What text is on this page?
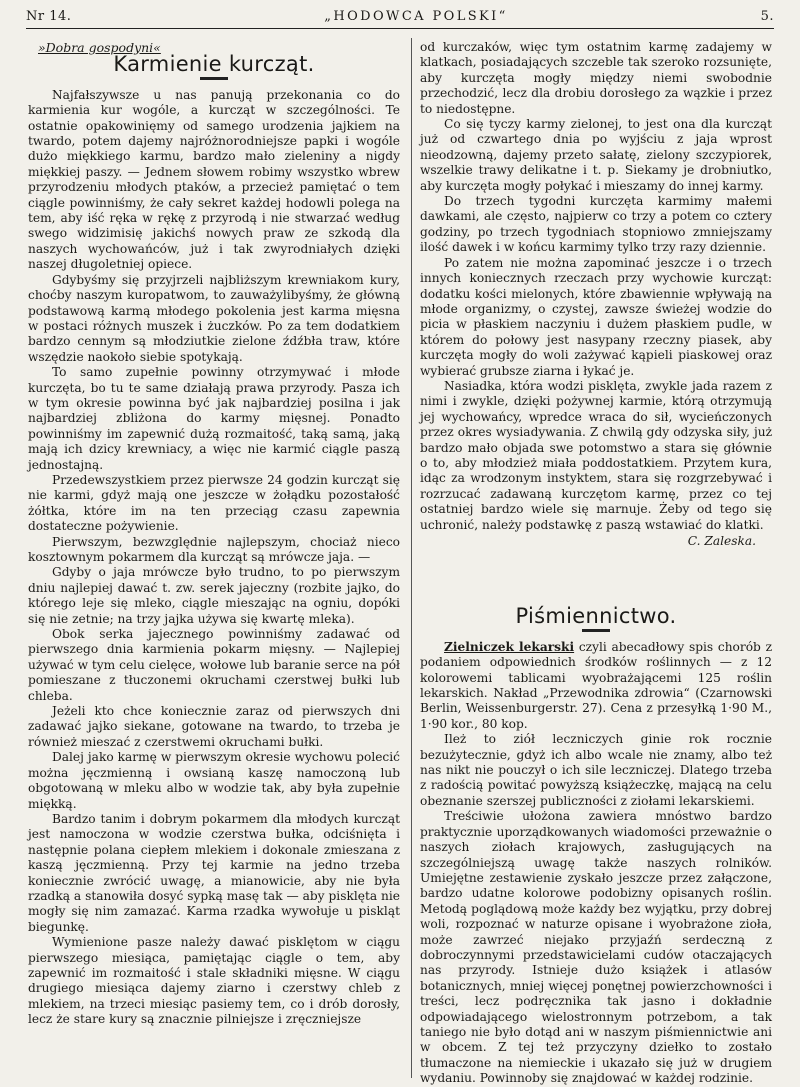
Nr 14.	„HODOWCA POLSKI“	5.
»Dobra gospodyni«
Karmienie kurcząt.

Najfałszywsze u nas panują przekonania co do karmienia kur wogóle, a kurcząt w szczególności. Te ostatnie opakowinięmy od samego urodzenia jajkiem na twardo, potem dajemy najróżnorodniejsze papki i wogóle dużo miękkiego karmu, bardzo mało zieleniny a nigdy miękkiej paszy. — Jednem słowem robimy wszystko wbrew przyrodzeniu młodych ptaków, a przecież pamiętać o tem ciągle powinniśmy, że cały sekret każdej hodowli polega na tem, aby iść ręka w rękę z przyrodą i nie stwarzać według swego widzimisię jakichś nowych praw ze szkodą dla naszych wychowańców, już i tak zwyrodniałych dzięki naszej długoletniej opiece.

Gdybyśmy się przyjrzeli najbliższym krewniakom kury, choćby naszym kuropatwom, to zauważylibyśmy, że główną podstawową karmą młodego pokolenia jest karma mięsna w postaci różnych muszek i żuczków. Po za tem dodatkiem bardzo cennym są młodziutkie zielone źdźbła traw, które wszędzie naokoło siebie spotykają.

To samo zupełnie powinny otrzymywać i młode kurczęta, bo tu te same działają prawa przyrody. Pasza ich w tym okresie powinna być jak najbardziej posilna i jak najbardziej zbliżona do karmy mięsnej. Ponadto powinniśmy im zapewnić dużą rozmaitość, taką samą, jaką mają ich dzicy krewniacy, a więc nie karmić ciągle paszą jednostajną.

Przedewszystkiem przez pierwsze 24 godzin kurcząt się nie karmi, gdyż mają one jeszcze w żołądku pozostałość żółtka, które im na ten przeciąg czasu zapewnia dostateczne pożywienie.

Pierwszym, bezwzględnie najlepszym, chociaż nieco kosztownym pokarmem dla kurcząt są mrówcze jaja. —

Gdyby o jaja mrówcze było trudno, to po pierwszym dniu najlepiej dawać t. zw. serek jajeczny (rozbite jajko, do którego leje się mleko, ciągle mieszając na ogniu, dopóki się nie zetnie; na trzy jajka używa się kwartę mleka).

Obok serka jajecznego powinniśmy zadawać od pierwszego dnia karmienia pokarm mięsny. — Najlepiej używać w tym celu cielęce, wołowe lub baranie serce na pół pomieszane z tłuczonemi okruchami czerstwej bułki lub chleba.

Jeżeli kto chce koniecznie zaraz od pierwszych dni zadawać jajko siekane, gotowane na twardo, to trzeba je również mieszać z czerstwemi okruchami bułki.

Dalej jako karmę w pierwszym okresie wychowu polecić można jęczmienną i owsianą kaszę namoczoną lub obgotowaną w mleku albo w wodzie tak, aby była zupełnie miękką.

Bardzo tanim i dobrym pokarmem dla młodych kurcząt jest namoczona w wodzie czerstwa bułka, odciśnięta i następnie polana ciepłem mlekiem i dokonale zmieszana z kaszą jęczmienną. Przy tej karmie na jedno trzeba koniecznie zwrócić uwagę, a mianowicie, aby nie była rzadką a stanowiła dosyć sypką masę tak — aby pisklęta nie mogły się nim zamazać. Karma rzadka wywołuje u piskląt biegunkę.

Wymienione pasze należy dawać pisklętom w ciągu pierwszego miesiąca, pamiętając ciągle o tem, aby zapewnić im rozmaitość i stale składniki mięsne. W ciągu drugiego miesiąca dajemy ziarno i czerstwy chleb z mlekiem, na trzeci miesiąc pasiemy tem, co i drób dorosły, lecz że stare kury są znacznie pilniejsze i zręczniejsze

od kurczaków, więc tym ostatnim karmę zadajemy w klatkach, posiadających szczeble tak szeroko rozsunięte, aby kurczęta mogły między niemi swobodnie przechodzić, lecz dla drobiu dorosłego za wązkie i przez to niedostępne.

Co się tyczy karmy zielonej, to jest ona dla kurcząt już od czwartego dnia po wyjściu z jaja wprost nieodzowną, dajemy przeto sałatę, zielony szczypiorek, wszelkie trawy delikatne i t. p. Siekamy je drobniutko, aby kurczęta mogły połykać i mieszamy do innej karmy.

Do trzech tygodni kurczęta karmimy małemi dawkami, ale często, najpierw co trzy a potem co cztery godziny, po trzech tygodniach stopniowo zmniejszamy ilość dawek i w końcu karmimy tylko trzy razy dziennie.

Po zatem nie można zapominać jeszcze i o trzech innych koniecznych rzeczach przy wychowie kurcząt: dodatku kości mielonych, które zbawiennie wpływają na młode organizmy, o czystej, zawsze świeżej wodzie do picia w płaskiem naczyniu i dużem płaskiem pudle, w którem do połowy jest nasypany rzeczny piasek, aby kurczęta mogły do woli zażywać kąpieli piaskowej oraz wybierać grubsze ziarna i łykać je.

Nasiadka, która wodzi pisklęta, zwykle jada razem z nimi i zwykle, dzięki pożywnej karmie, którą otrzymują jej wychowańcy, wpredce wraca do sił, wycieńczonych przez okres wysiadywania. Z chwilą gdy odzyska siły, już bardzo mało objada swe potomstwo a stara się głównie o to, aby młodzież miała poddostatkiem. Przytem kura, idąc za wrodzonym instyktem, stara się rozgrzebywać i rozrzucać zadawaną kurczętom karmę, przez co tej ostatniej bardzo wiele się marnuje. Żeby od tego się uchronić, należy podstawkę z paszą wstawiać do klatki.

C. Zaleska.
Piśmiennictwo.

Zielniczek lekarski czyli abecadłowy spis chorób z podaniem odpowiednich środków roślinnych — z 12 kolorowemi tablicami wyobrażającemi 125 roślin lekarskich. Nakład „Przewodnika zdrowia“ (Czarnowski Berlin, Weissenburgerstr. 27). Cena z przesyłką 1·90 M., 1·90 kor., 80 kop.

Ileż to ziół leczniczych ginie rok rocznie bezużytecznie, gdyż ich albo wcale nie znamy, albo też nas nikt nie pouczył o ich sile leczniczej. Dlatego trzeba z radością powitać powyższą książeczkę, mającą na celu obeznanie szerszej publiczności z ziołami lekarskiemi.

Treściwie ułożona zawiera mnóstwo bardzo praktycznie uporządkowanych wiadomości przeważnie o naszych ziołach krajowych, zasługujących na szczególniejszą uwagę także naszych rolników. Umiejętne zestawienie zyskało jeszcze przez załączone, bardzo udatne kolorowe podobizny opisanych roślin. Metodą poglądową może każdy bez wyjątku, przy dobrej woli, rozpoznać w naturze opisane i wyobrażone zioła, może zawrzeć niejako przyjaźń serdeczną z dobroczynnymi przedstawicielami cudów otaczających nas przyrody. Istnieje dużo książek i atlasów botanicznych, mniej więcej ponętnej powierzchowności i treści, lecz podręcznika tak jasno i dokładnie odpowiadającego wielostronnym potrzebom, a tak taniego nie było dotąd ani w naszym piśmiennictwie ani w obcem. Z tej też przyczyny dziełko to zostało tłumaczone na niemieckie i ukazało się już w drugiem wydaniu. Powinnoby się znajdować w każdej rodzinie.
